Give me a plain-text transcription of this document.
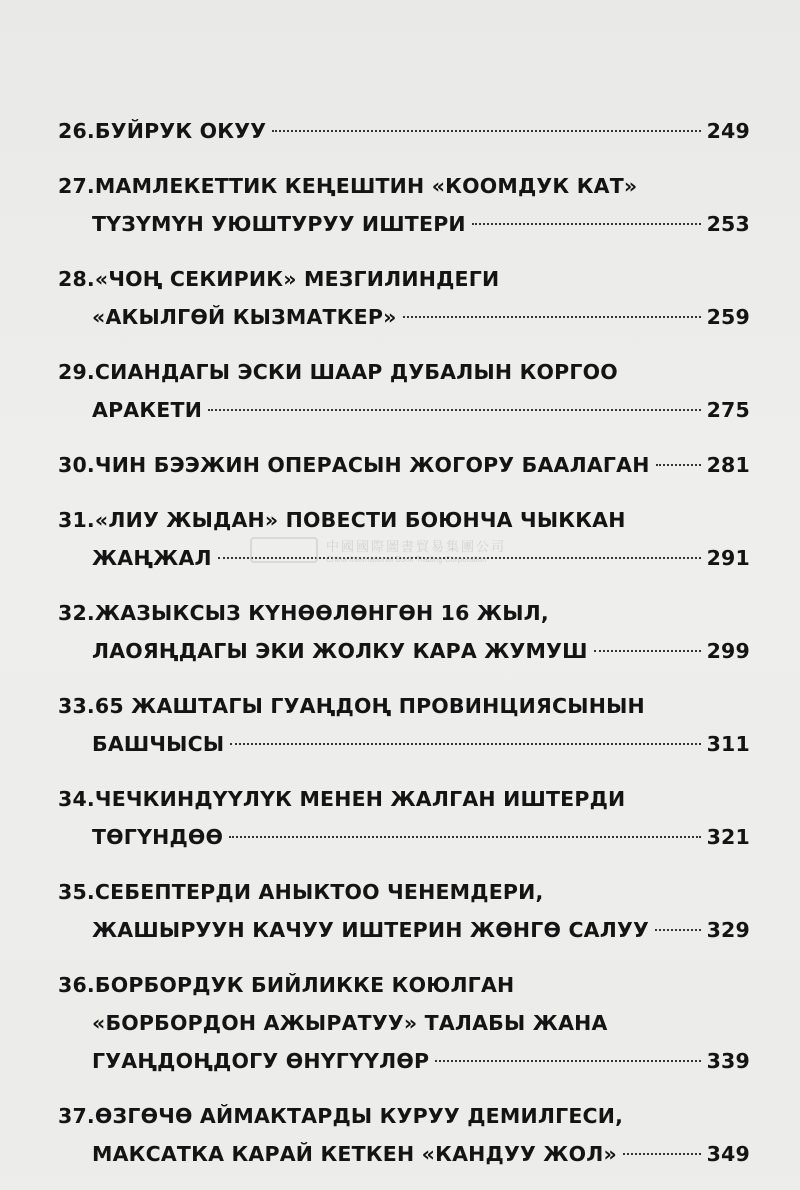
26. БУЙРУК ОКУУ	249
27. МАМЛЕКЕТТИК КЕҢЕШТИН «КООМДУК КАТ»
ТҮЗҮМҮН УЮШТУРУУ ИШТЕРИ	253
28. «ЧОҢ СЕКИРИК» МЕЗГИЛИНДЕГИ
«АКЫЛГӨЙ КЫЗМАТКЕР»	259
29. СИАНДАГЫ ЭСКИ ШААР ДУБАЛЫН КОРГОО
АРАКЕТИ	275
30. ЧИН БЭЭЖИН ОПЕРАСЫН ЖОГОРУ БААЛАГАН	281
31. «ЛИУ ЖЫДАН» ПОВЕСТИ БОЮНЧА ЧЫККАН
ЖАҢЖАЛ	291
32. ЖАЗЫКСЫЗ КҮНӨӨЛӨНГӨН 16 ЖЫЛ,
ЛАОЯҢДАГЫ ЭКИ ЖОЛКУ КАРА ЖУМУШ	299
33. 65 ЖАШТАГЫ ГУАҢДОҢ ПРОВИНЦИЯСЫНЫН
БАШЧЫСЫ	311
34. ЧЕЧКИНДҮҮЛҮК МЕНЕН ЖАЛГАН ИШТЕРДИ
ТӨГҮНДӨӨ	321
35. СЕБЕПТЕРДИ АНЫКТОО ЧЕНЕМДЕРИ,
ЖАШЫРУУН КАЧУУ ИШТЕРИН ЖӨНГӨ САЛУУ	329
36. БОРБОРДУК БИЙЛИККЕ КОЮЛГАН
«БОРБОРДОН АЖЫРАТУУ» ТАЛАБЫ ЖАНА
ГУАҢДОҢДОГУ ӨНҮГҮҮЛӨР	339
37. ӨЗГӨЧӨ АЙМАКТАРДЫ КУРУУ ДЕМИЛГЕСИ,
МАКСАТКА КАРАЙ КЕТКЕН «КАНДУУ ЖОЛ»	349
中國國際圖書貿易集團公司
China International Book Trading Corporation
